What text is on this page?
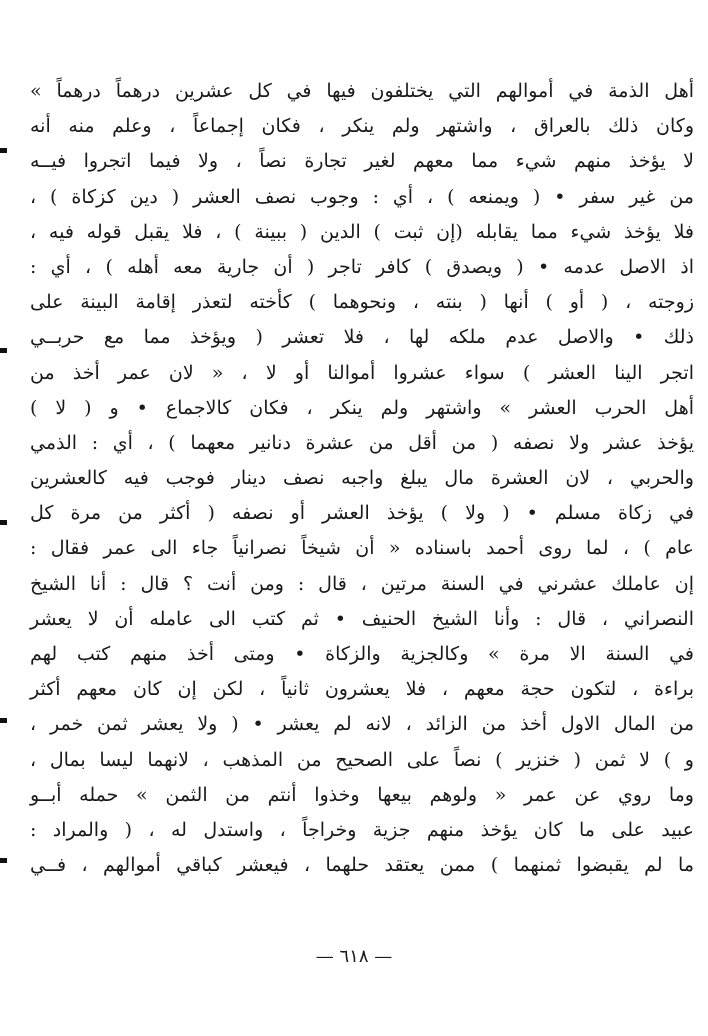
أهل الذمة في أموالهم التي يختلفون فيها في كل عشرين درهماً درهماً »
وكان ذلك بالعراق ، واشتهر ولم ينكر ، فكان إجماعاً ، وعلم منه أنه
لا يؤخذ منهم شيء مما معهم لغير تجارة نصاً ، ولا فيما اتجروا فيــه
من غير سفر • ( ويمنعه ) ، أي : وجوب نصف العشر ( دين كزكاة ) ،
فلا يؤخذ شيء مما يقابله (إن ثبت ) الدين ( ببينة ) ، فلا يقبل قوله فيه ،
اذ الاصل عدمه • ( ويصدق ) كافر تاجر ( أن جارية معه أهله ) ، أي :
زوجته ، ( أو ) أنها ( بنته ، ونحوهما ) كأخته لتعذر إقامة البينة على
ذلك • والاصل عدم ملكه لها ، فلا تعشر ( ويؤخذ مما مع حربــي
اتجر الينا العشر ) سواء عشروا أموالنا أو لا ، « لان عمر أخذ من
أهل الحرب العشر » واشتهر ولم ينكر ، فكان كالاجماع • و ( لا )
يؤخذ عشر ولا نصفه ( من أقل من عشرة دنانير معهما ) ، أي : الذمي
والحربي ، لان العشرة مال يبلغ واجبه نصف دينار فوجب فيه كالعشرين
في زكاة مسلم • ( ولا ) يؤخذ العشر أو نصفه ( أكثر من مرة كل
عام ) ، لما روى أحمد باسناده « أن شيخاً نصرانياً جاء الى عمر فقال :
إن عاملك عشرني في السنة مرتين ، قال : ومن أنت ؟ قال : أنا الشيخ
النصراني ، قال : وأنا الشيخ الحنيف • ثم كتب الى عامله أن لا يعشر
في السنة الا مرة » وكالجزية والزكاة • ومتى أخذ منهم كتب لهم
براءة ، لتكون حجة معهم ، فلا يعشرون ثانياً ، لكن إن كان معهم أكثر
من المال الاول أخذ من الزائد ، لانه لم يعشر • ( ولا يعشر ثمن خمر ،
و ) لا ثمن ( خنزير ) نصاً على الصحيح من المذهب ، لانهما ليسا بمال ،
وما روي عن عمر « ولوهم بيعها وخذوا أنتم من الثمن » حمله أبــو
عبيد على ما كان يؤخذ منهم جزية وخراجاً ، واستدل له ، ( والمراد :
ما لم يقبضوا ثمنهما ) ممن يعتقد حلهما ، فيعشر كباقي أموالهم ، فــي
— ٦١٨ —
